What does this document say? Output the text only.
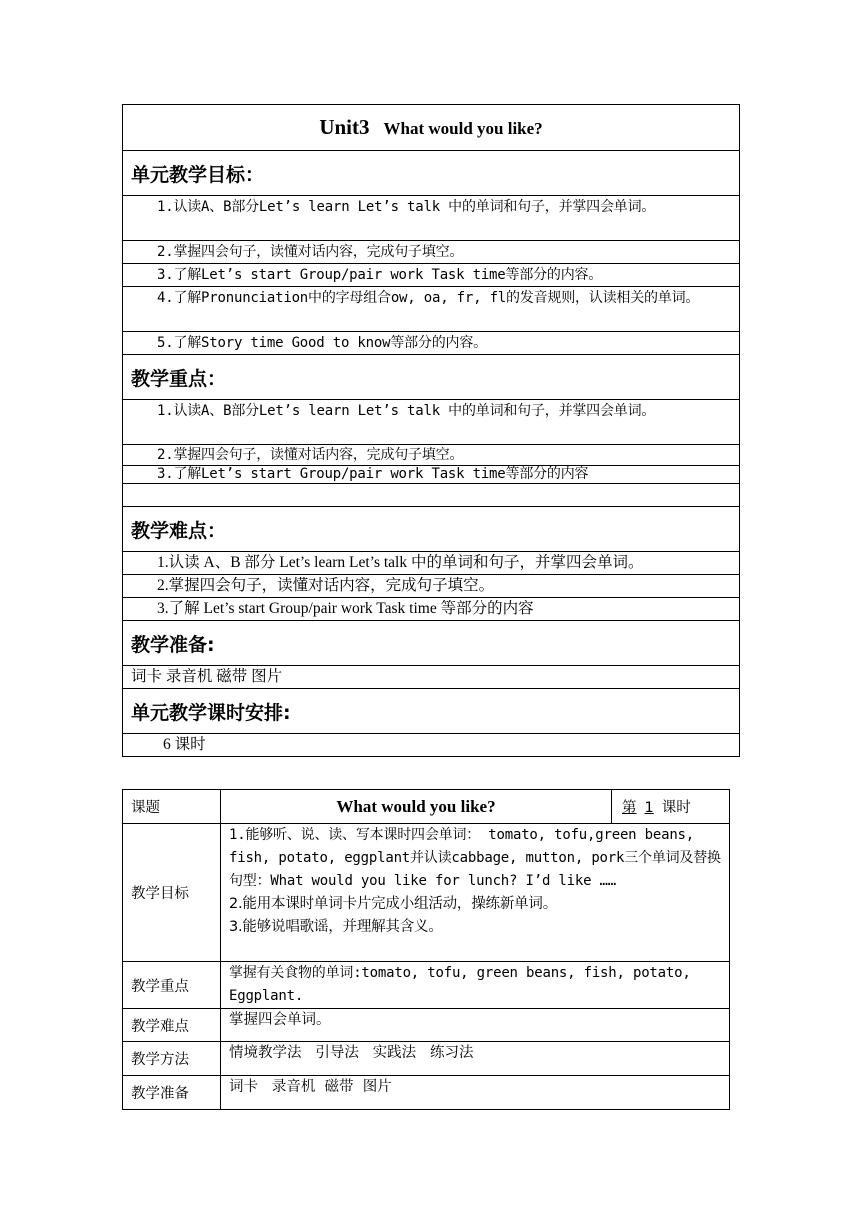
Unit3 What would you like?
单元教学目标：
1.认读A、B部分Let’s learn Let’s talk 中的单词和句子，并掌四会单词。
2.掌握四会句子，读懂对话内容，完成句子填空。
3.了解Let’s start Group/pair work Task time等部分的内容。
4.了解Pronunciation中的字母组合ow, oa, fr, fl的发音规则，认读相关的单词。
5.了解Story time Good to know等部分的内容。
教学重点：
1.认读A、B部分Let’s learn Let’s talk 中的单词和句子，并掌四会单词。
2.掌握四会句子，读懂对话内容，完成句子填空。
3.了解Let’s start Group/pair work Task time等部分的内容

教学难点：
1.认读 A、B 部分 Let’s learn Let’s talk 中的单词和句子，并掌四会单词。
2.掌握四会句子，读懂对话内容，完成句子填空。
3.了解 Let’s start Group/pair work Task time 等部分的内容
教学准备:
词卡 录音机 磁带 图片
单元教学课时安排:
6 课时
课题	What would you like?	第 1 课时
教学目标	1.能够听、说、读、写本课时四会单词： tomato, tofu,green beans, fish, potato, eggplant并认读cabbage, mutton, pork三个单词及替换句型：What would you like for lunch? I’d like ……
2.能用本课时单词卡片完成小组活动，操练新单词。
3.能够说唱歌谣，并理解其含义。	

教学重点	掌握有关食物的单词:tomato, tofu, green beans, fish, potato, Eggplant.	
教学难点	掌握四会单词。	
教学方法	情境教学法   引导法   实践法   练习法	
教学准备	词卡   录音机  磁带  图片	
